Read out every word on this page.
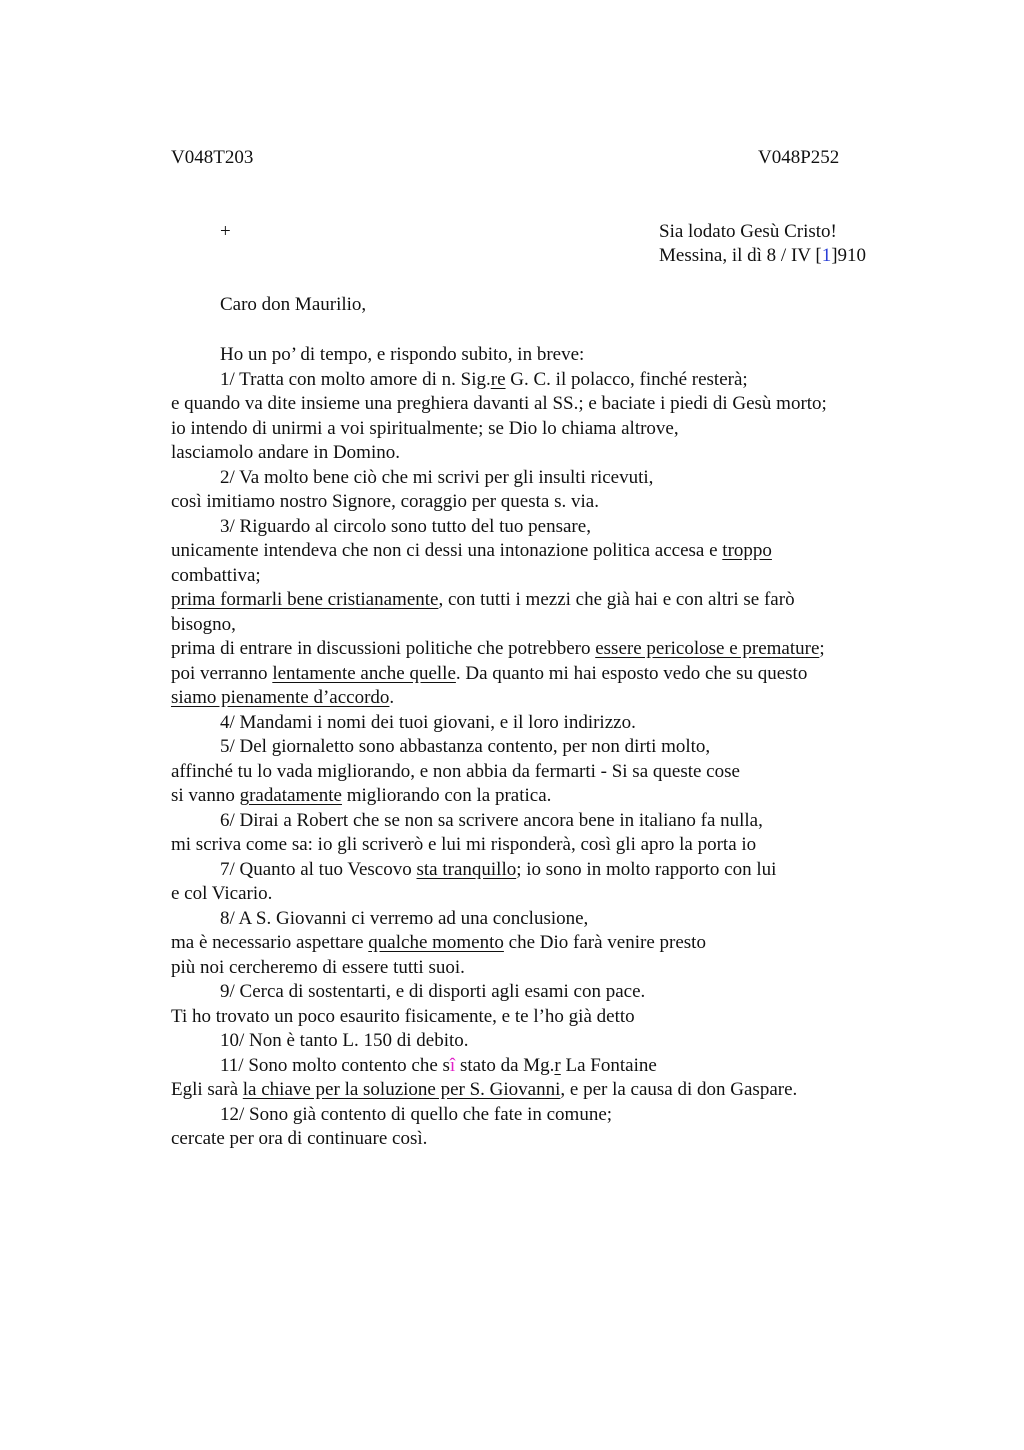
V048T203	V048P252
+	Sia lodato Gesù Cristo!
Messina, il dì 8 / IV [1]910
Caro don Maurilio,
Ho un po’ di tempo, e rispondo subito, in breve:
1/ Tratta con molto amore di n. Sig.re G. C. il polacco, finché resterà;
e quando va dite insieme una preghiera davanti al SS.; e baciate i piedi di Gesù morto;
io intendo di unirmi a voi spiritualmente; se Dio lo chiama altrove,
lasciamolo andare in Domino.
2/ Va molto bene ciò che mi scrivi per gli insulti ricevuti,
così imitiamo nostro Signore, coraggio per questa s. via.
3/ Riguardo al circolo sono tutto del tuo pensare,
unicamente intendeva che non ci dessi una intonazione politica accesa e troppo
combattiva;
prima formarli bene cristianamente, con tutti i mezzi che già hai e con altri se farò
bisogno,
prima di entrare in discussioni politiche che potrebbero essere pericolose e premature;
poi verranno lentamente anche quelle. Da quanto mi hai esposto vedo che su questo
siamo pienamente d’accordo.
4/ Mandami i nomi dei tuoi giovani, e il loro indirizzo.
5/ Del giornaletto sono abbastanza contento, per non dirti molto,
affinché tu lo vada migliorando, e non abbia da fermarti - Si sa queste cose
si vanno gradatamente migliorando con la pratica.
6/ Dirai a Robert che se non sa scrivere ancora bene in italiano fa nulla,
mi scriva come sa: io gli scriverò e lui mi risponderà, così gli apro la porta io
7/ Quanto al tuo Vescovo sta tranquillo; io sono in molto rapporto con lui
e col Vicario.
8/ A S. Giovanni ci verremo ad una conclusione,
ma è necessario aspettare qualche momento che Dio farà venire presto
più noi cercheremo di essere tutti suoi.
9/ Cerca di sostentarti, e di disporti agli esami con pace.
Ti ho trovato un poco esaurito fisicamente, e te l’ho già detto
10/ Non è tanto L. 150 di debito.
11/ Sono molto contento che sî stato da Mg.r La Fontaine
Egli sarà la chiave per la soluzione per S. Giovanni, e per la causa di don Gaspare.
12/ Sono già contento di quello che fate in comune;
cercate per ora di continuare così.
